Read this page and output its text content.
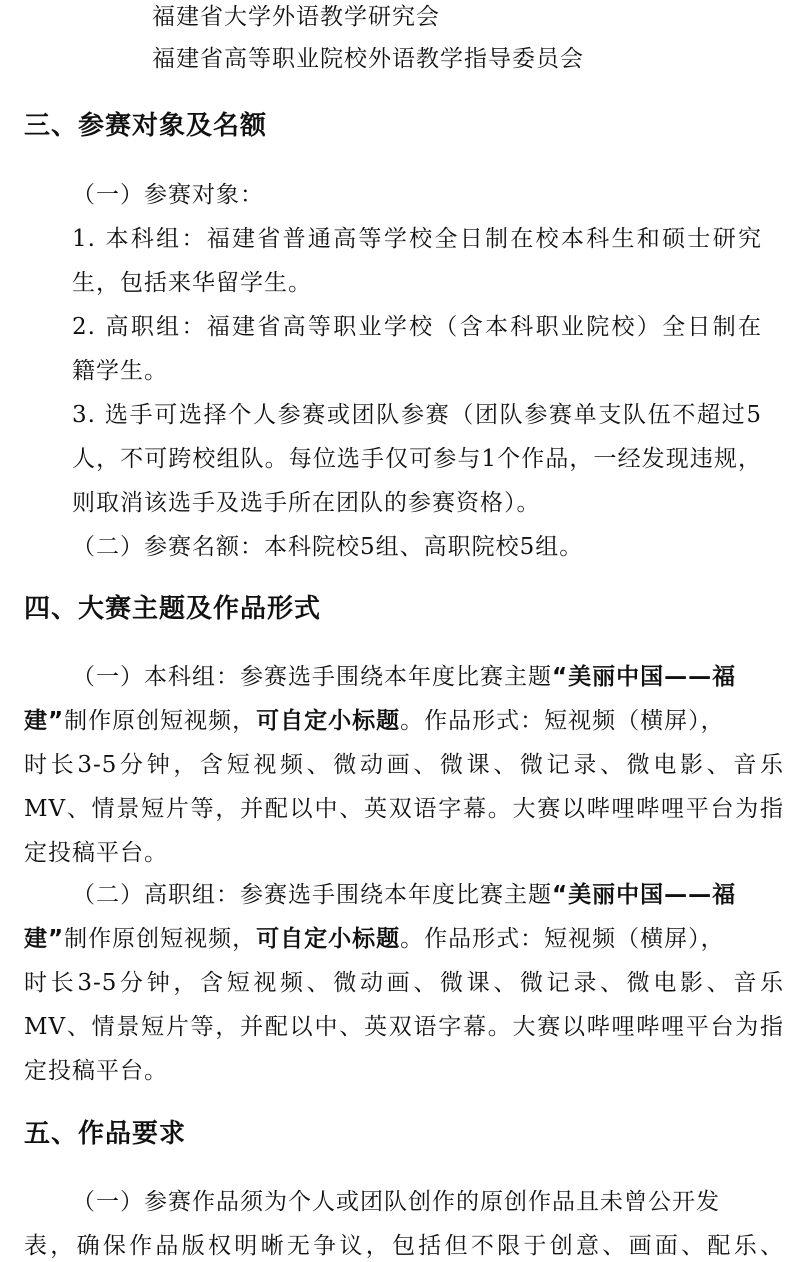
福建省大学外语教学研究会
福建省高等职业院校外语教学指导委员会
三、参赛对象及名额
（一）参赛对象：
1. 本科组：福建省普通高等学校全日制在校本科生和硕士研究
生，包括来华留学生。
2. 高职组：福建省高等职业学校（含本科职业院校）全日制在
籍学生。
3. 选手可选择个人参赛或团队参赛（团队参赛单支队伍不超过5
人，不可跨校组队。每位选手仅可参与1个作品，一经发现违规，
则取消该选手及选手所在团队的参赛资格）。
（二）参赛名额：本科院校5组、高职院校5组。
四、大赛主题及作品形式
（一）本科组：参赛选手围绕本年度比赛主题“美丽中国——福
建”制作原创短视频，可自定小标题。作品形式：短视频（横屏），
时长3-5分钟，含短视频、微动画、微课、微记录、微电影、音乐
MV、情景短片等，并配以中、英双语字幕。大赛以哔哩哔哩平台为指
定投稿平台。
（二）高职组：参赛选手围绕本年度比赛主题“美丽中国——福
建”制作原创短视频，可自定小标题。作品形式：短视频（横屏），
时长3-5分钟，含短视频、微动画、微课、微记录、微电影、音乐
MV、情景短片等，并配以中、英双语字幕。大赛以哔哩哔哩平台为指
定投稿平台。
五、作品要求
（一）参赛作品须为个人或团队创作的原创作品且未曾公开发
表，确保作品版权明晰无争议，包括但不限于创意、画面、配乐、
